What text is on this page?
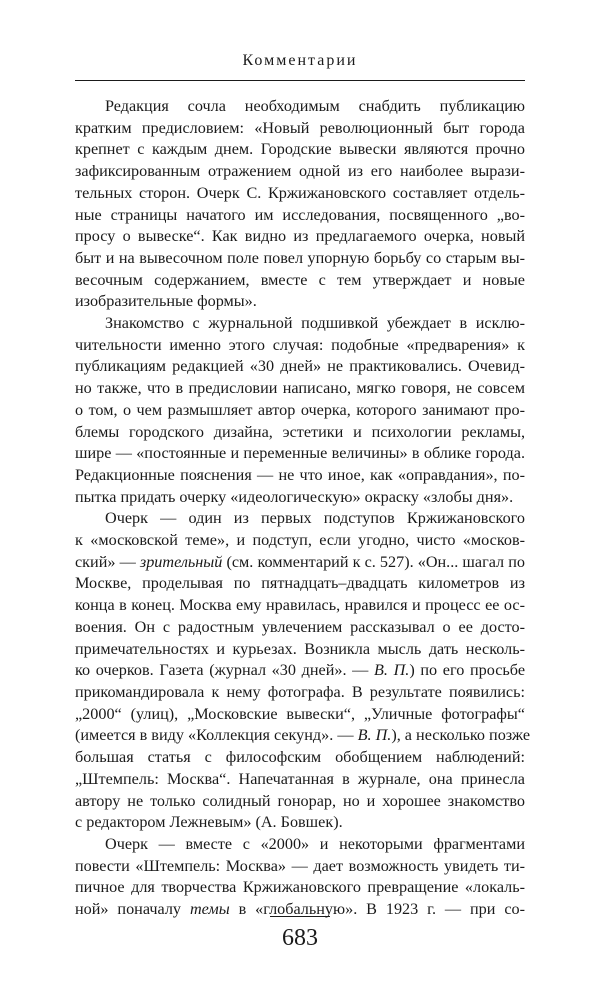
Комментарии
Редакция сочла необходимым снабдить публикацию
кратким предисловием: «Новый революционный быт города
крепнет с каждым днем. Городские вывески являются прочно
зафиксированным отражением одной из его наиболее вырази-
тельных сторон. Очерк С. Кржижановского составляет отдель-
ные страницы начатого им исследования, посвященного „во-
просу о вывеске“. Как видно из предлагаемого очерка, новый
быт и на вывесочном поле повел упорную борьбу со старым вы-
весочным содержанием, вместе с тем утверждает и новые
изобразительные формы».
Знакомство с журнальной подшивкой убеждает в исклю-
чительности именно этого случая: подобные «предварения» к
публикациям редакцией «30 дней» не практиковались. Очевид-
но также, что в предисловии написано, мягко говоря, не совсем
о том, о чем размышляет автор очерка, которого занимают про-
блемы городского дизайна, эстетики и психологии рекламы,
шире — «постоянные и переменные величины» в облике города.
Редакционные пояснения — не что иное, как «оправдания», по-
пытка придать очерку «идеологическую» окраску «злобы дня».
Очерк — один из первых подступов Кржижановского
к «московской теме», и подступ, если угодно, чисто «москов-
ский» — зрительный (см. комментарий к с. 527). «Он... шагал по
Москве, проделывая по пятнадцать–двадцать километров из
конца в конец. Москва ему нравилась, нравился и процесс ее ос-
воения. Он с радостным увлечением рассказывал о ее досто-
примечательностях и курьезах. Возникла мысль дать несколь-
ко очерков. Газета (журнал «30 дней». — В. П.) по его просьбе
прикомандировала к нему фотографа. В результате появились:
„2000“ (улиц), „Московские вывески“, „Уличные фотографы“
(имеется в виду «Коллекция секунд». — В. П.), а несколько позже
большая статья с философским обобщением наблюдений:
„Штемпель: Москва“. Напечатанная в журнале, она принесла
автору не только солидный гонорар, но и хорошее знакомство
с редактором Лежневым» (А. Бовшек).
Очерк — вместе с «2000» и некоторыми фрагментами
повести «Штемпель: Москва» — дает возможность увидеть ти-
пичное для творчества Кржижановского превращение «локаль-
ной» поначалу темы в «глобальную». В 1923 г. — при со-
683
